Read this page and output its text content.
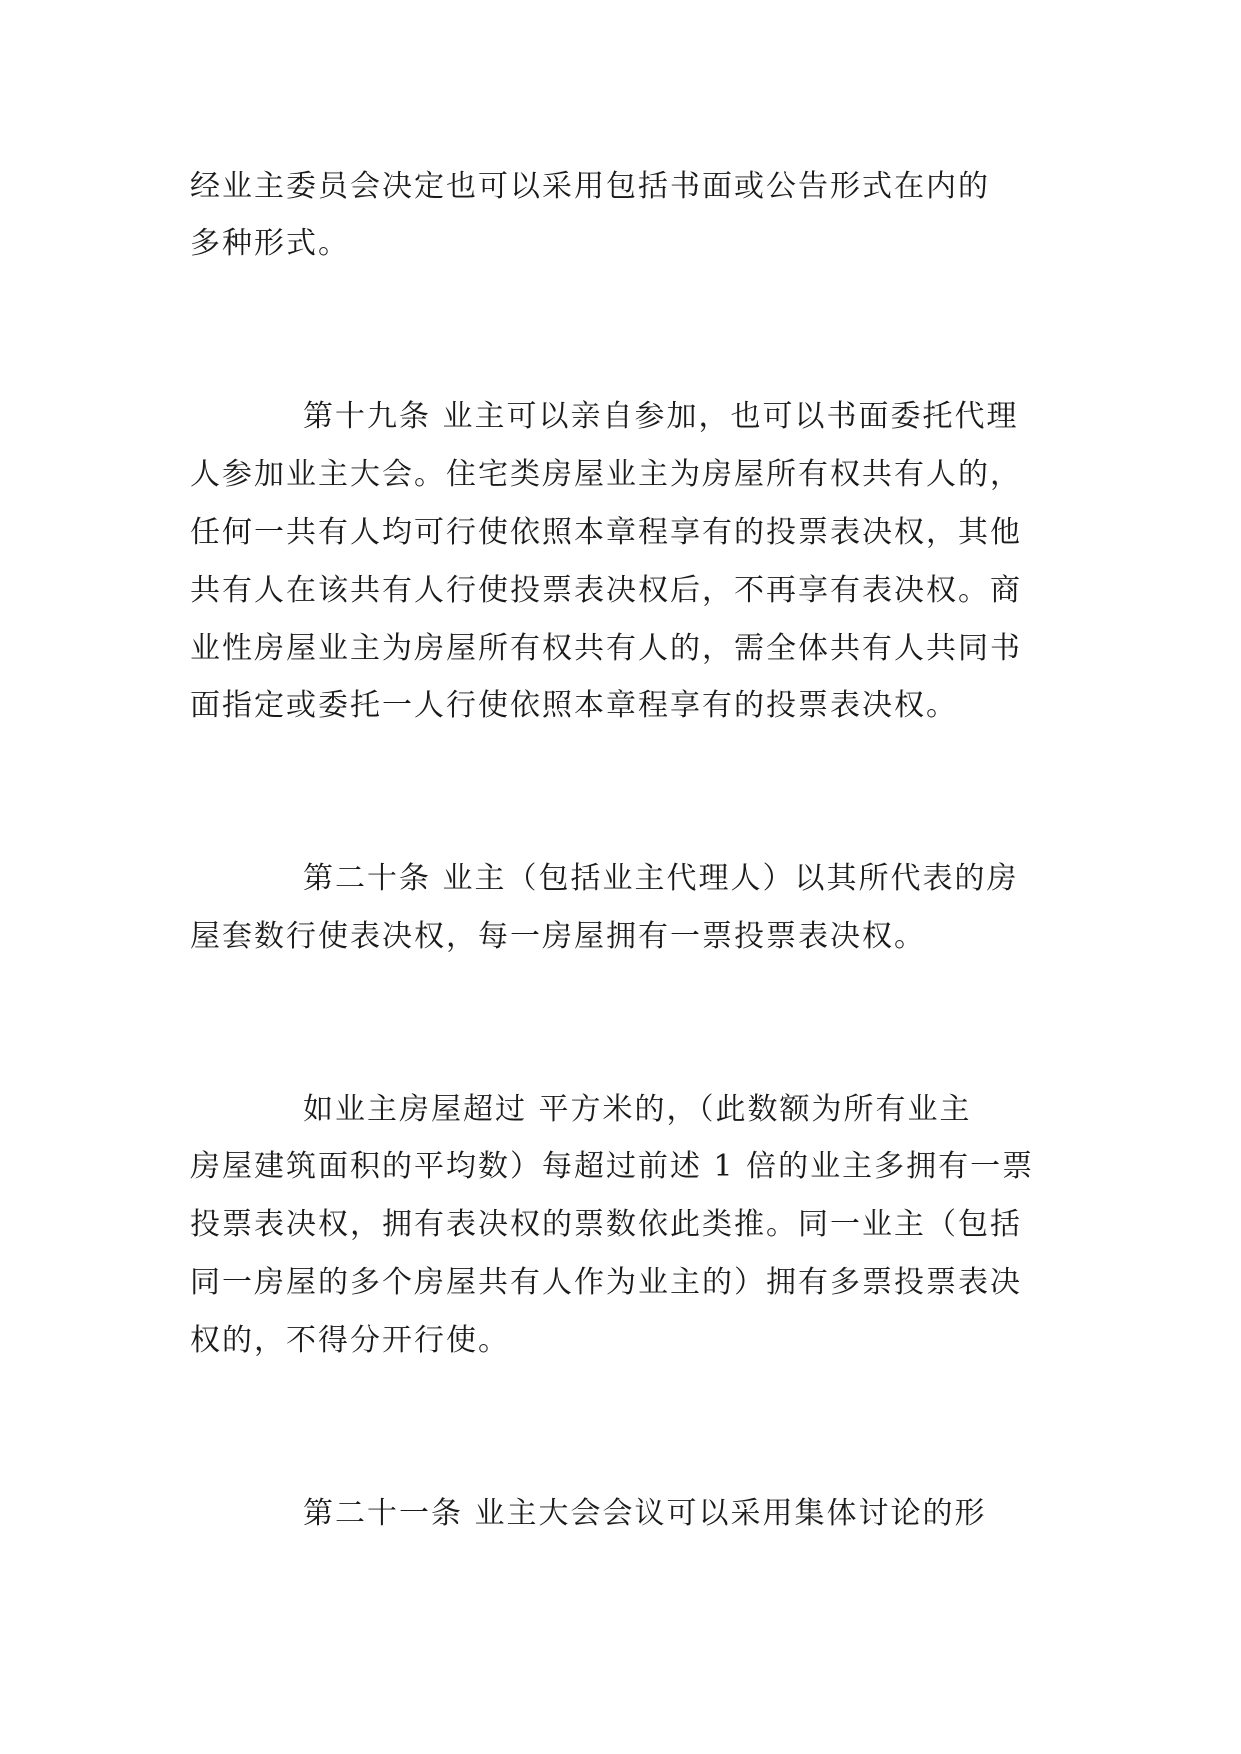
经业主委员会决定也可以采用包括书面或公告形式在内的
多种形式。
第十九条 业主可以亲自参加，也可以书面委托代理
人参加业主大会。住宅类房屋业主为房屋所有权共有人的，
任何一共有人均可行使依照本章程享有的投票表决权，其他
共有人在该共有人行使投票表决权后，不再享有表决权。商
业性房屋业主为房屋所有权共有人的，需全体共有人共同书
面指定或委托一人行使依照本章程享有的投票表决权。
第二十条 业主（包括业主代理人）以其所代表的房
屋套数行使表决权，每一房屋拥有一票投票表决权。
如业主房屋超过 平方米的，（此数额为所有业主
房屋建筑面积的平均数）每超过前述 1 倍的业主多拥有一票
投票表决权，拥有表决权的票数依此类推。同一业主（包括
同一房屋的多个房屋共有人作为业主的）拥有多票投票表决
权的，不得分开行使。
第二十一条 业主大会会议可以采用集体讨论的形
